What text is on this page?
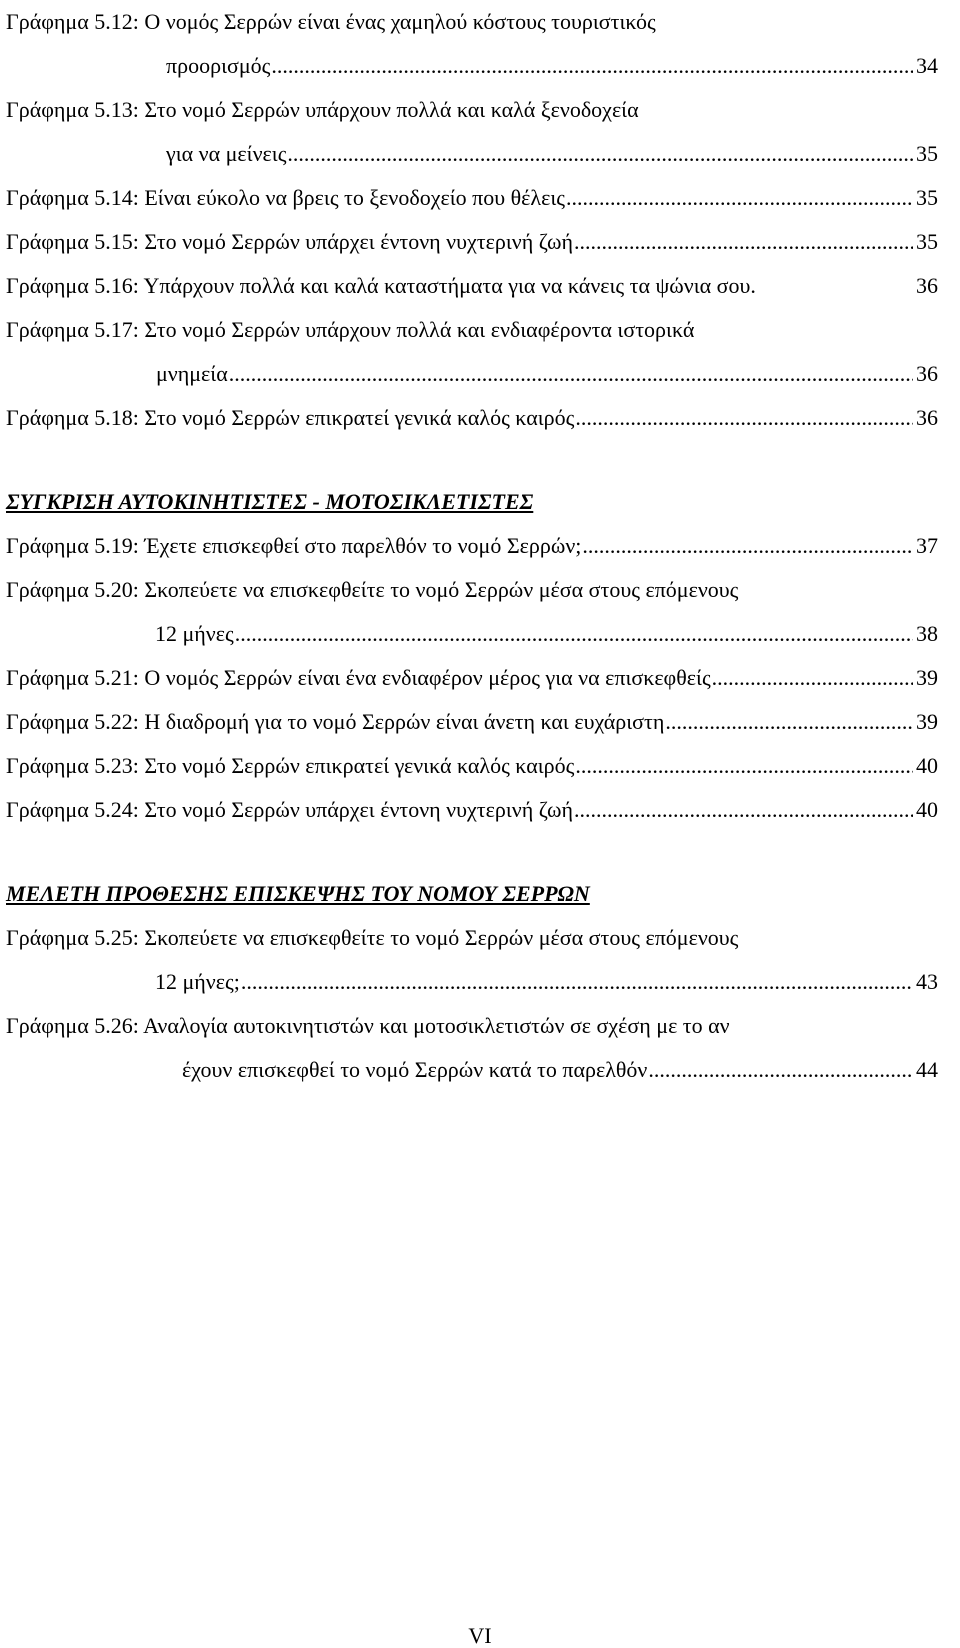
Γράφημα 5.12: Ο νομός Σερρών είναι ένας χαμηλού κόστους τουριστικός
προορισμός .....	34
Γράφημα 5.13: Στο νομό Σερρών υπάρχουν πολλά και καλά ξενοδοχεία
για να μείνεις .....	35
Γράφημα 5.14: Είναι εύκολο να βρεις το ξενοδοχείο που θέλεις .....	35
Γράφημα 5.15: Στο νομό Σερρών υπάρχει έντονη νυχτερινή ζωή .....	35
Γράφημα 5.16: Υπάρχουν πολλά και καλά καταστήματα για να κάνεις τα ψώνια σου.	36
Γράφημα 5.17: Στο νομό Σερρών υπάρχουν πολλά και ενδιαφέροντα ιστορικά
μνημεία .....	36
Γράφημα 5.18: Στο νομό Σερρών επικρατεί γενικά καλός καιρός .....	36
ΣΥΓΚΡΙΣΗ ΑΥΤΟΚΙΝΗΤΙΣΤΕΣ - ΜΟΤΟΣΙΚΛΕΤΙΣΤΕΣ
Γράφημα 5.19: Έχετε επισκεφθεί στο παρελθόν το νομό Σερρών; .....	37
Γράφημα 5.20: Σκοπεύετε να επισκεφθείτε το νομό Σερρών μέσα στους επόμενους
12 μήνες .....	38
Γράφημα 5.21: Ο νομός Σερρών είναι ένα ενδιαφέρον μέρος για να επισκεφθείς .....	39
Γράφημα 5.22: Η διαδρομή για το νομό Σερρών είναι άνετη και ευχάριστη .....	39
Γράφημα 5.23: Στο νομό Σερρών επικρατεί γενικά καλός καιρός .....	40
Γράφημα 5.24: Στο νομό Σερρών υπάρχει έντονη νυχτερινή ζωή .....	40
ΜΕΛΕΤΗ ΠΡΟΘΕΣΗΣ ΕΠΙΣΚΕΨΗΣ ΤΟΥ ΝΟΜΟΥ ΣΕΡΡΩΝ
Γράφημα 5.25: Σκοπεύετε να επισκεφθείτε το νομό Σερρών μέσα στους επόμενους
12 μήνες; .....	43
Γράφημα 5.26: Αναλογία αυτοκινητιστών και μοτοσικλετιστών σε σχέση με το αν
έχουν επισκεφθεί το νομό Σερρών κατά το παρελθόν .....	44
VI
